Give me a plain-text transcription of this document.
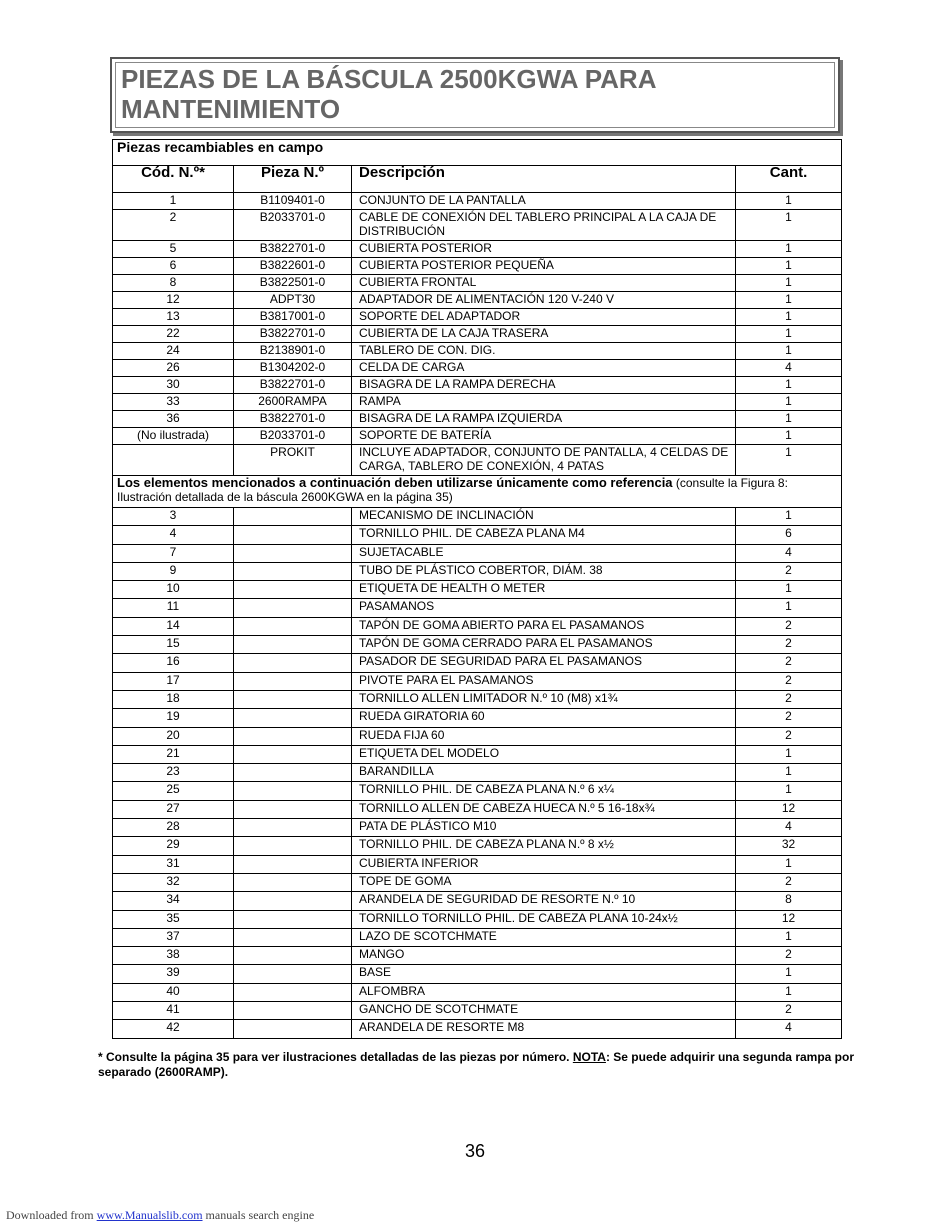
PIEZAS DE LA BÁSCULA 2500KGWA PARA
MANTENIMIENTO
Piezas recambiables en campo			
Cód. N.º*	Pieza N.º	Descripción	Cant.
1	B1109401-0	CONJUNTO DE LA PANTALLA	1
2	B2033701-0	CABLE DE CONEXIÓN DEL TABLERO PRINCIPAL A LA CAJA DE DISTRIBUCIÓN	1
5	B3822701-0	CUBIERTA POSTERIOR	1
6	B3822601-0	CUBIERTA POSTERIOR PEQUEÑA	1
8	B3822501-0	CUBIERTA FRONTAL	1
12	ADPT30	ADAPTADOR DE ALIMENTACIÓN 120 V-240 V	1
13	B3817001-0	SOPORTE DEL ADAPTADOR	1
22	B3822701-0	CUBIERTA DE LA CAJA TRASERA	1
24	B2138901-0	TABLERO DE CON. DIG.	1
26	B1304202-0	CELDA DE CARGA	4
30	B3822701-0	BISAGRA DE LA RAMPA DERECHA	1
33	2600RAMPA	RAMPA	1
36	B3822701-0	BISAGRA DE LA RAMPA IZQUIERDA	1
(No ilustrada)	B2033701-0	SOPORTE DE BATERÍA	1
	PROKIT	INCLUYE ADAPTADOR, CONJUNTO DE PANTALLA, 4 CELDAS DE CARGA, TABLERO DE CONEXIÓN, 4 PATAS	1
Los elementos mencionados a continuación deben utilizarse únicamente como referencia (consulte la Figura 8: Ilustración detallada de la báscula 2600KGWA en la página 35)			
3		MECANISMO DE INCLINACIÓN	1
4		TORNILLO PHIL. DE CABEZA PLANA M4	6
7		SUJETACABLE	4
9		TUBO DE PLÁSTICO COBERTOR, DIÁM. 38	2
10		ETIQUETA DE HEALTH O METER	1
11		PASAMANOS	1
14		TAPÓN DE GOMA ABIERTO PARA EL PASAMANOS	2
15		TAPÓN DE GOMA CERRADO PARA EL PASAMANOS	2
16		PASADOR DE SEGURIDAD PARA EL PASAMANOS	2
17		PIVOTE PARA EL PASAMANOS	2
18		TORNILLO ALLEN LIMITADOR N.º 10 (M8) x1¾	2
19		RUEDA GIRATORIA 60	2
20		RUEDA FIJA 60	2
21		ETIQUETA DEL MODELO	1
23		BARANDILLA	1
25		TORNILLO PHIL. DE CABEZA PLANA N.º 6 x¼	1
27		TORNILLO ALLEN DE CABEZA HUECA N.º 5 16-18x¾	12
28		PATA DE PLÁSTICO M10	4
29		TORNILLO PHIL. DE CABEZA PLANA N.º 8 x½	32
31		CUBIERTA INFERIOR	1
32		TOPE DE GOMA	2
34		ARANDELA DE SEGURIDAD DE RESORTE N.º 10	8
35		TORNILLO TORNILLO PHIL. DE CABEZA PLANA 10-24x½	12
37		LAZO DE SCOTCHMATE	1
38		MANGO	2
39		BASE	1
40		ALFOMBRA	1
41		GANCHO DE SCOTCHMATE	2
42		ARANDELA DE RESORTE M8	4
* Consulte la página 35 para ver ilustraciones detalladas de las piezas por número. NOTA: Se puede adquirir una segunda rampa por separado (2600RAMP).
36
Downloaded from www.Manualslib.com manuals search engine
